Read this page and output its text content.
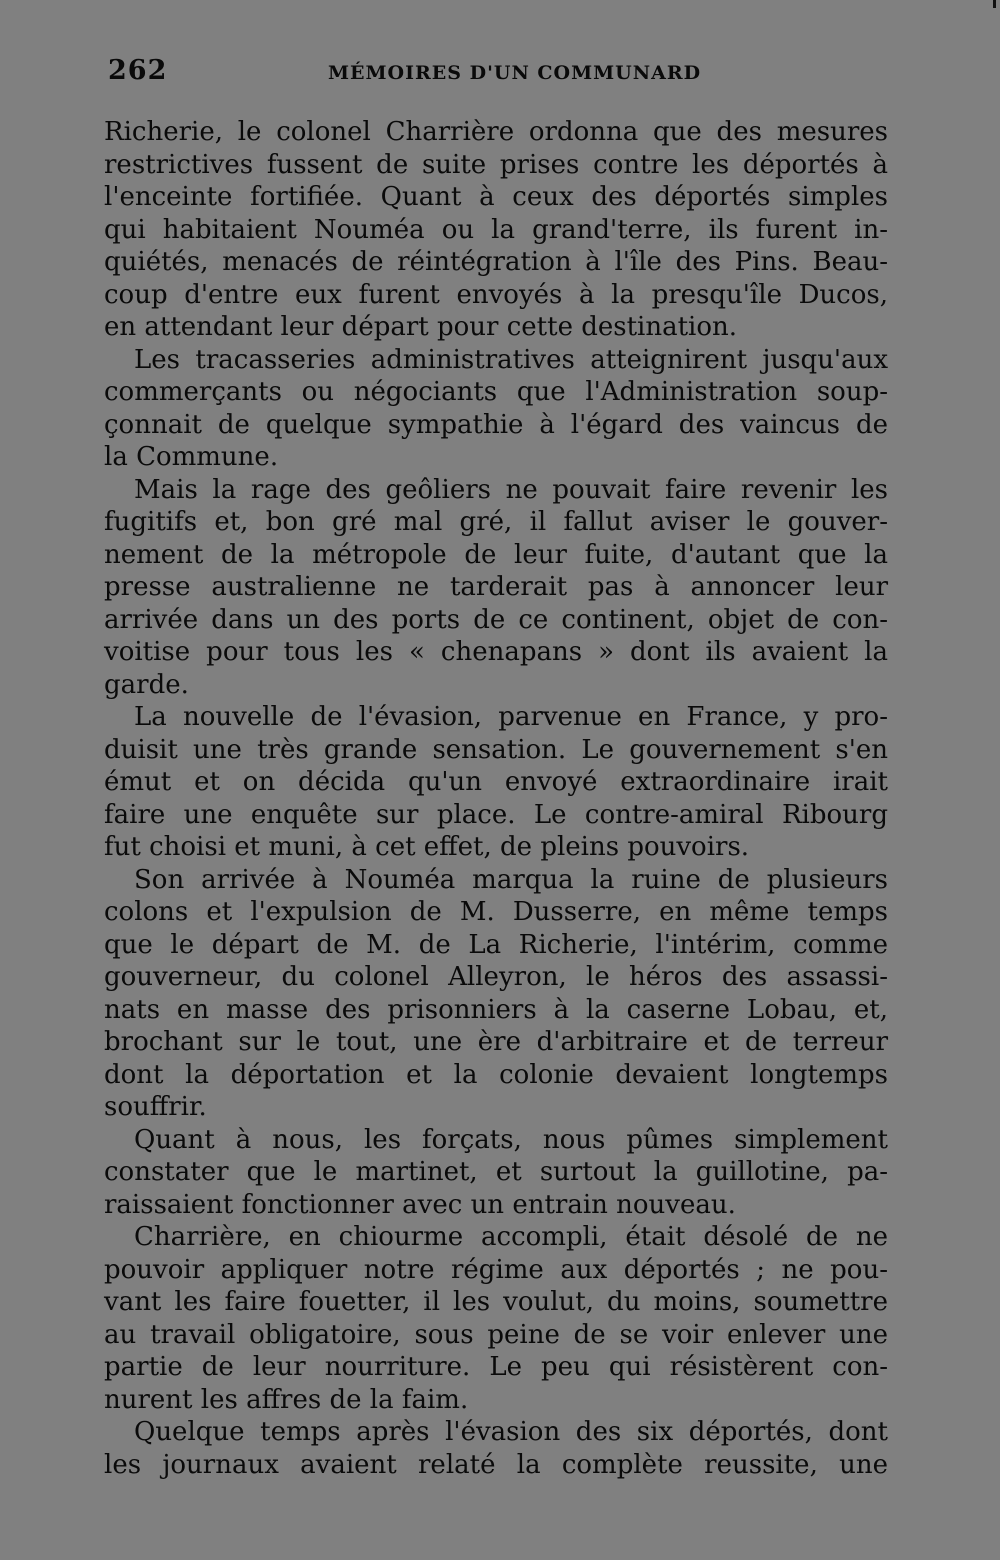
262	MÉMOIRES D'UN COMMUNARD
Richerie, le colonel Charrière ordonna que des mesures
restrictives fussent de suite prises contre les déportés à
l'enceinte fortifiée. Quant à ceux des déportés simples
qui habitaient Nouméa ou la grand'terre, ils furent in-
quiétés, menacés de réintégration à l'île des Pins. Beau-
coup d'entre eux furent envoyés à la presqu'île Ducos,
en attendant leur départ pour cette destination.
Les tracasseries administratives atteignirent jusqu'aux
commerçants ou négociants que l'Administration soup-
çonnait de quelque sympathie à l'égard des vaincus de
la Commune.
Mais la rage des geôliers ne pouvait faire revenir les
fugitifs et, bon gré mal gré, il fallut aviser le gouver-
nement de la métropole de leur fuite, d'autant que la
presse australienne ne tarderait pas à annoncer leur
arrivée dans un des ports de ce continent, objet de con-
voitise pour tous les « chenapans » dont ils avaient la
garde.
La nouvelle de l'évasion, parvenue en France, y pro-
duisit une très grande sensation. Le gouvernement s'en
émut et on décida qu'un envoyé extraordinaire irait
faire une enquête sur place. Le contre-amiral Ribourg
fut choisi et muni, à cet effet, de pleins pouvoirs.
Son arrivée à Nouméa marqua la ruine de plusieurs
colons et l'expulsion de M. Dusserre, en même temps
que le départ de M. de La Richerie, l'intérim, comme
gouverneur, du colonel Alleyron, le héros des assassi-
nats en masse des prisonniers à la caserne Lobau, et,
brochant sur le tout, une ère d'arbitraire et de terreur
dont la déportation et la colonie devaient longtemps
souffrir.
Quant à nous, les forçats, nous pûmes simplement
constater que le martinet, et surtout la guillotine, pa-
raissaient fonctionner avec un entrain nouveau.
Charrière, en chiourme accompli, était désolé de ne
pouvoir appliquer notre régime aux déportés ; ne pou-
vant les faire fouetter, il les voulut, du moins, soumettre
au travail obligatoire, sous peine de se voir enlever une
partie de leur nourriture. Le peu qui résistèrent con-
nurent les affres de la faim.
Quelque temps après l'évasion des six déportés, dont
les journaux avaient relaté la complète reussite, une
